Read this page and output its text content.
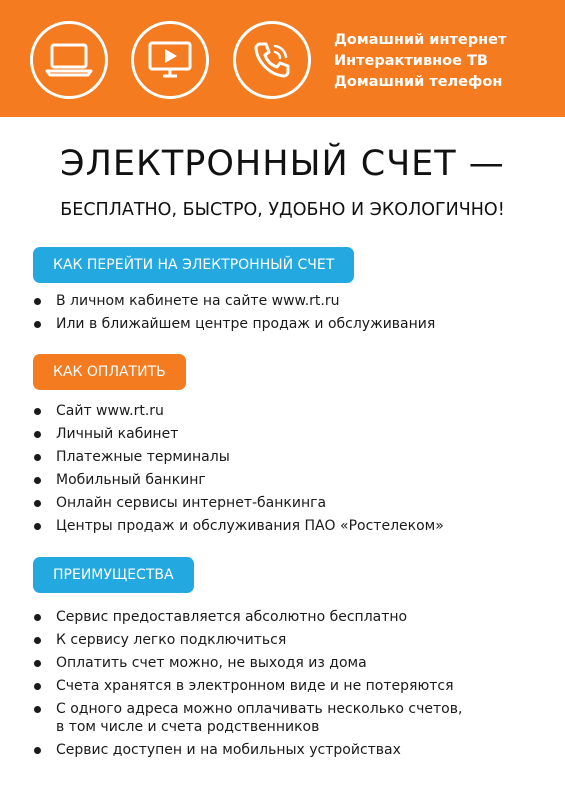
Домашний интернет
Интерактивное ТВ
Домашний телефон
ЭЛЕКТРОННЫЙ СЧЕТ —
БЕСПЛАТНО, БЫСТРО, УДОБНО И ЭКОЛОГИЧНО!
КАК ПЕРЕЙТИ НА ЭЛЕКТРОННЫЙ СЧЕТ
В личном кабинете на сайте www.rt.ru
Или в ближайшем центре продаж и обслуживания
КАК ОПЛАТИТЬ
Сайт www.rt.ru
Личный кабинет
Платежные терминалы
Мобильный банкинг
Онлайн сервисы интернет-банкинга
Центры продаж и обслуживания ПАО «Ростелеком»
ПРЕИМУЩЕСТВА
Сервис предоставляется абсолютно бесплатно
К сервису легко подключиться
Оплатить счет можно, не выходя из дома
Счета хранятся в электронном виде и не потеряются
С одного адреса можно оплачивать несколько счетов,
в том числе и счета родственников
Сервис доступен и на мобильных устройствах
